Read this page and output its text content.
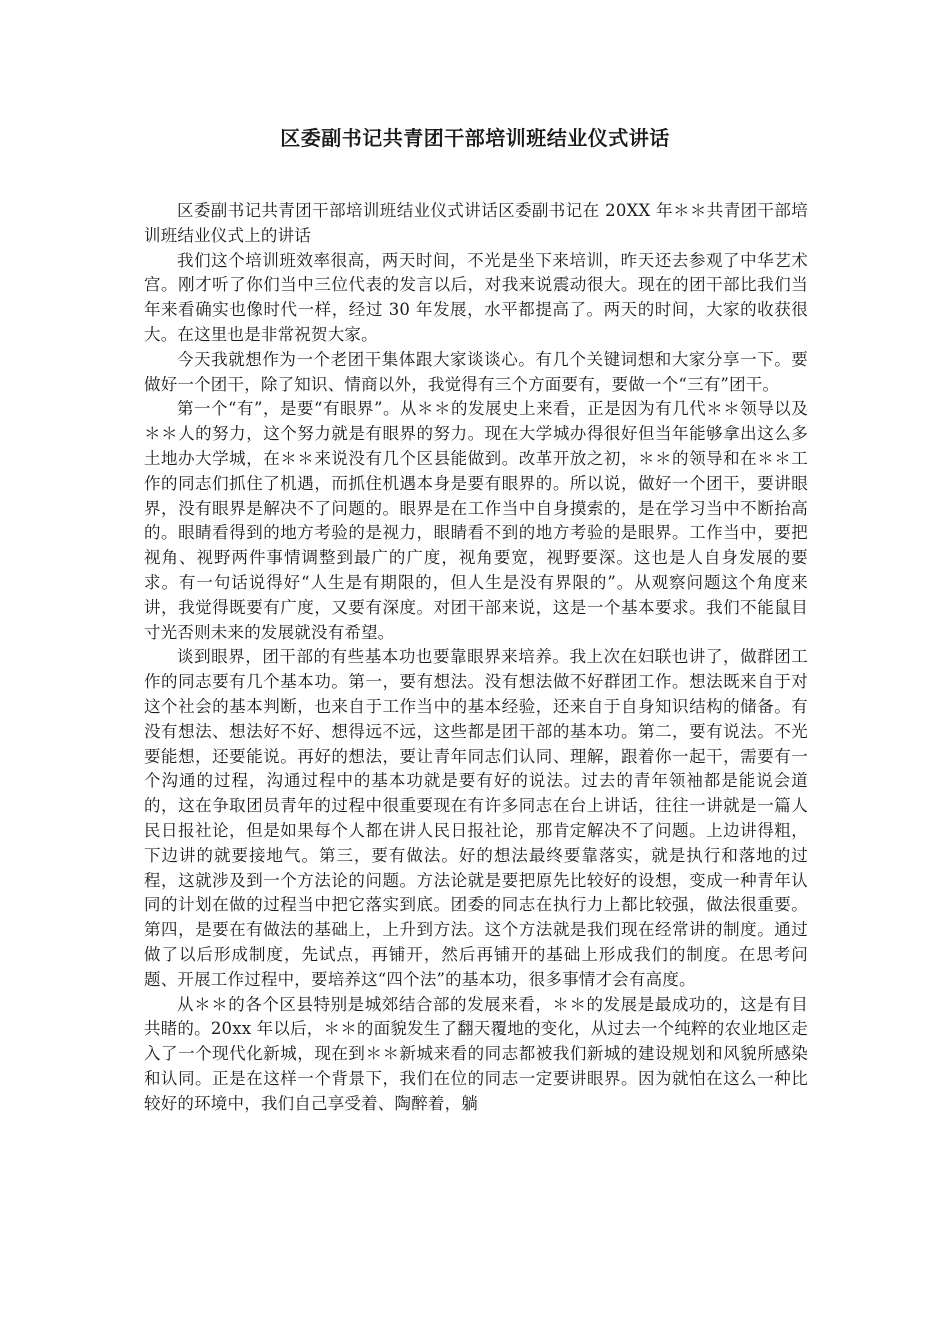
区委副书记共青团干部培训班结业仪式讲话

区委副书记共青团干部培训班结业仪式讲话区委副书记在 20XX 年＊＊共青团干部培训班结业仪式上的讲话

我们这个培训班效率很高，两天时间，不光是坐下来培训，昨天还去参观了中华艺术宫。刚才听了你们当中三位代表的发言以后，对我来说震动很大。现在的团干部比我们当年来看确实也像时代一样，经过 30 年发展，水平都提高了。两天的时间，大家的收获很大。在这里也是非常祝贺大家。

今天我就想作为一个老团干集体跟大家谈谈心。有几个关键词想和大家分享一下。要做好一个团干，除了知识、情商以外，我觉得有三个方面要有，要做一个“三有”团干。

第一个“有”，是要“有眼界”。从＊＊的发展史上来看，正是因为有几代＊＊领导以及＊＊人的努力，这个努力就是有眼界的努力。现在大学城办得很好但当年能够拿出这么多土地办大学城，在＊＊来说没有几个区县能做到。改革开放之初，＊＊的领导和在＊＊工作的同志们抓住了机遇，而抓住机遇本身是要有眼界的。所以说，做好一个团干，要讲眼界，没有眼界是解决不了问题的。眼界是在工作当中自身摸索的，是在学习当中不断抬高的。眼睛看得到的地方考验的是视力，眼睛看不到的地方考验的是眼界。工作当中，要把视角、视野两件事情调整到最广的广度，视角要宽，视野要深。这也是人自身发展的要求。有一句话说得好“人生是有期限的，但人生是没有界限的”。从观察问题这个角度来讲，我觉得既要有广度，又要有深度。对团干部来说，这是一个基本要求。我们不能鼠目寸光否则未来的发展就没有希望。

谈到眼界，团干部的有些基本功也要靠眼界来培养。我上次在妇联也讲了，做群团工作的同志要有几个基本功。第一，要有想法。没有想法做不好群团工作。想法既来自于对这个社会的基本判断，也来自于工作当中的基本经验，还来自于自身知识结构的储备。有没有想法、想法好不好、想得远不远，这些都是团干部的基本功。第二，要有说法。不光要能想，还要能说。再好的想法，要让青年同志们认同、理解，跟着你一起干，需要有一个沟通的过程，沟通过程中的基本功就是要有好的说法。过去的青年领袖都是能说会道的，这在争取团员青年的过程中很重要现在有许多同志在台上讲话，往往一讲就是一篇人民日报社论，但是如果每个人都在讲人民日报社论，那肯定解决不了问题。上边讲得粗，下边讲的就要接地气。第三，要有做法。好的想法最终要靠落实，就是执行和落地的过程，这就涉及到一个方法论的问题。方法论就是要把原先比较好的设想，变成一种青年认同的计划在做的过程当中把它落实到底。团委的同志在执行力上都比较强，做法很重要。第四，是要在有做法的基础上，上升到方法。这个方法就是我们现在经常讲的制度。通过做了以后形成制度，先试点，再铺开，然后再铺开的基础上形成我们的制度。在思考问题、开展工作过程中，要培养这“四个法”的基本功，很多事情才会有高度。

从＊＊的各个区县特别是城郊结合部的发展来看，＊＊的发展是最成功的，这是有目共睹的。20xx 年以后，＊＊的面貌发生了翻天覆地的变化，从过去一个纯粹的农业地区走入了一个现代化新城，现在到＊＊新城来看的同志都被我们新城的建设规划和风貌所感染和认同。正是在这样一个背景下，我们在位的同志一定要讲眼界。因为就怕在这么一种比较好的环境中，我们自己享受着、陶醉着，躺
